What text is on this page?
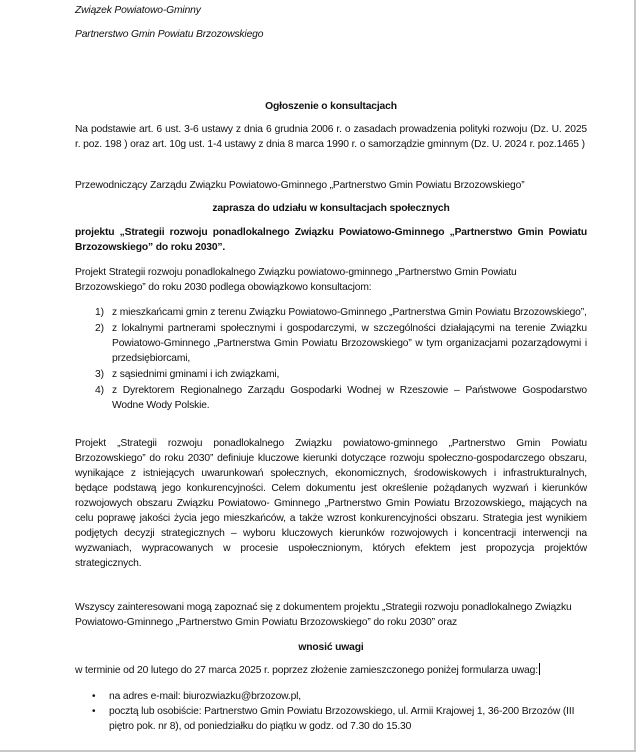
Związek Powiatowo-Gminny
Partnerstwo Gmin Powiatu Brzozowskiego
Ogłoszenie o konsultacjach

Na podstawie art. 6 ust. 3-6 ustawy z dnia 6 grudnia 2006 r. o zasadach prowadzenia polityki rozwoju (Dz. U. 2025 r. poz. 198 ) oraz art. 10g ust. 1-4 ustawy z dnia 8 marca 1990 r. o samorządzie gminnym (Dz. U. 2024 r. poz.1465 )

Przewodniczący Zarządu Związku Powiatowo-Gminnego „Partnerstwo Gmin Powiatu Brzozowskiego”

zaprasza do udziału w konsultacjach społecznych

projektu „Strategii rozwoju ponadlokalnego Związku Powiatowo-Gminnego „Partnerstwo Gmin Powiatu Brzozowskiego” do roku 2030”.

Projekt Strategii rozwoju ponadlokalnego Związku powiatowo-gminnego „Partnerstwo Gmin Powiatu Brzozowskiego” do roku 2030 podlega obowiązkowo konsultacjom:

1) z mieszkańcami gmin z terenu Związku Powiatowo-Gminnego „Partnerstwa Gmin Powiatu Brzozowskiego”,
2) z lokalnymi partnerami społecznymi i gospodarczymi, w szczególności działającymi na terenie Związku Powiatowo-Gminnego „Partnerstwa Gmin Powiatu Brzozowskiego” w tym organizacjami pozarządowymi i przedsiębiorcami,
3) z sąsiednimi gminami i ich związkami,
4) z Dyrektorem Regionalnego Zarządu Gospodarki Wodnej w Rzeszowie – Państwowe Gospodarstwo Wodne Wody Polskie.

Projekt „Strategii rozwoju ponadlokalnego Związku powiatowo-gminnego „Partnerstwo Gmin Powiatu Brzozowskiego” do roku 2030” definiuje kluczowe kierunki dotyczące rozwoju społeczno-gospodarczego obszaru, wynikające z istniejących uwarunkowań społecznych, ekonomicznych, środowiskowych i infrastrukturalnych, będące podstawą jego konkurencyjności. Celem dokumentu jest określenie pożądanych wyzwań i kierunków rozwojowych obszaru Związku Powiatowo- Gminnego „Partnerstwo Gmin Powiatu Brzozowskiego„ mających na celu poprawę jakości życia jego mieszkańców, a także wzrost konkurencyjności obszaru. Strategia jest wynikiem podjętych decyzji strategicznych – wyboru kluczowych kierunków rozwojowych i koncentracji interwencji na wyzwaniach, wypracowanych w procesie uspołecznionym, których efektem jest propozycja projektów strategicznych.

Wszyscy zainteresowani mogą zapoznać się z dokumentem projektu „Strategii rozwoju ponadlokalnego Związku Powiatowo-Gminnego „Partnerstwo Gmin Powiatu Brzozowskiego” do roku 2030” oraz

wnosić uwagi

w terminie od 20 lutego do 27 marca 2025 r. poprzez złożenie zamieszczonego poniżej formularza uwag:

• na adres e-mail: biurozwiazku@brzozow.pl,
• pocztą lub osobiście: Partnerstwo Gmin Powiatu Brzozowskiego, ul. Armii Krajowej 1, 36-200 Brzozów (III piętro pok. nr 8), od poniedziałku do piątku w godz. od 7.30 do 15.30
